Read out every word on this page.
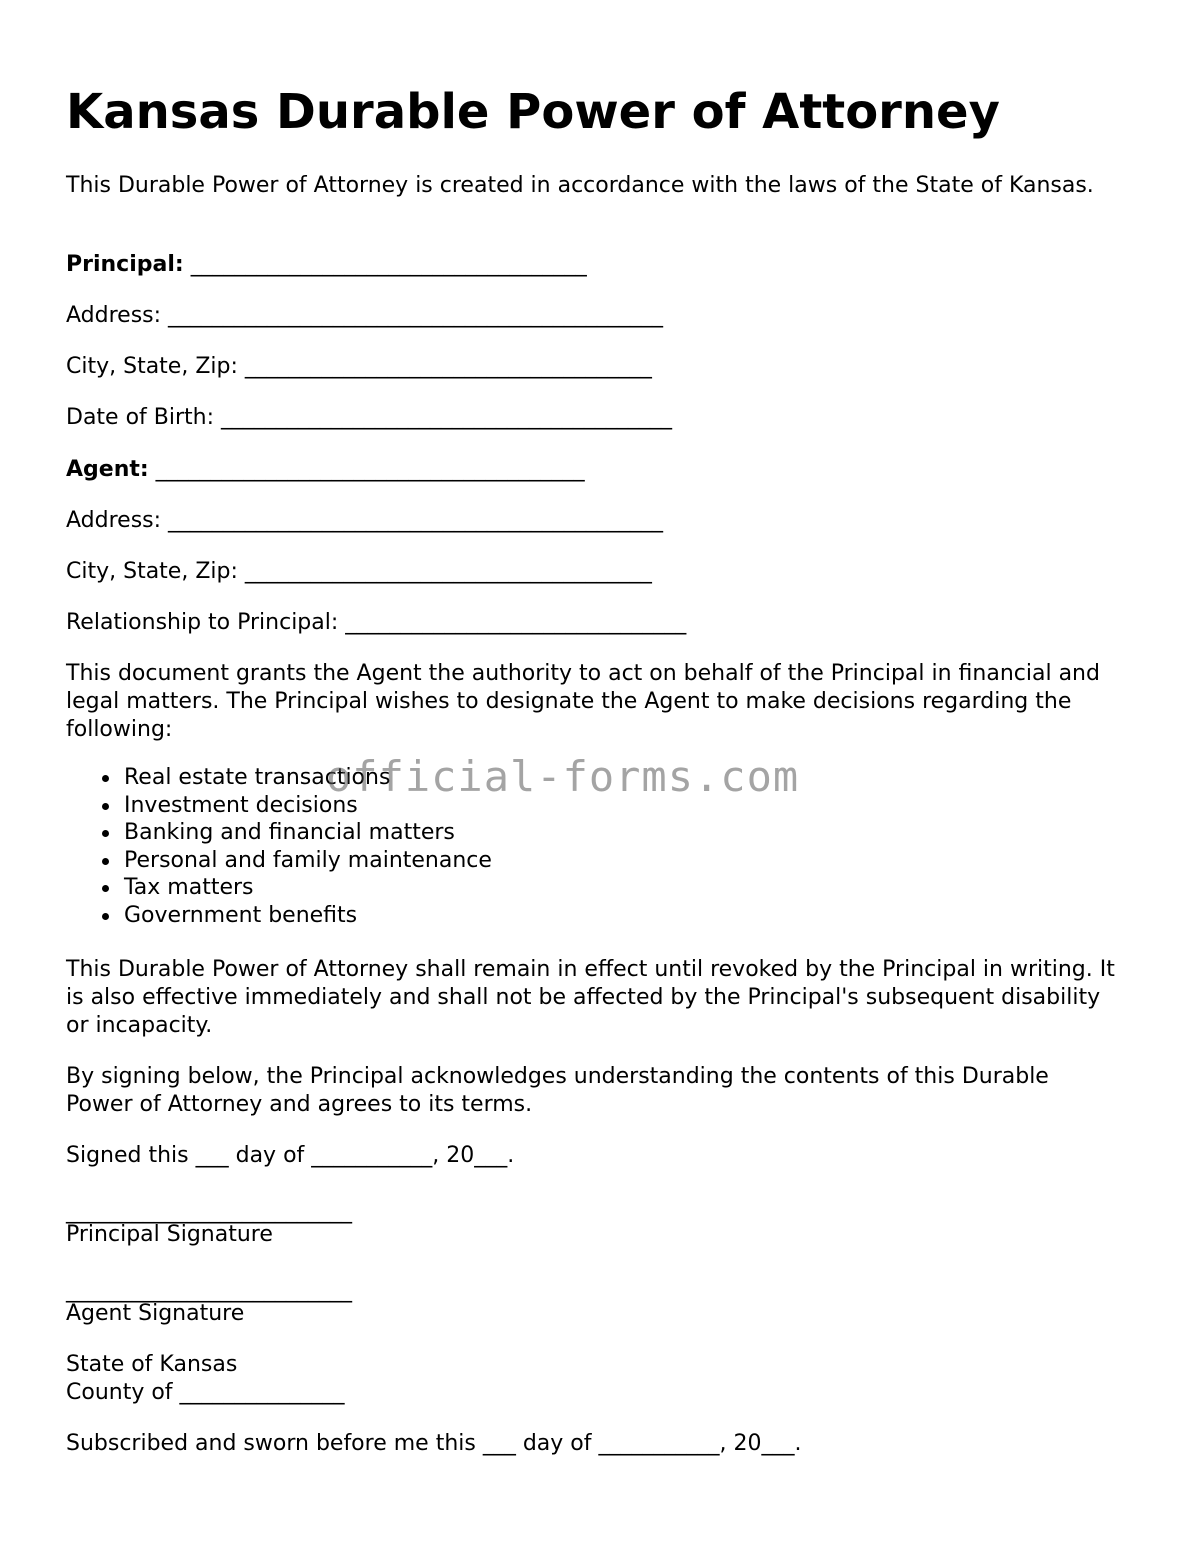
Kansas Durable Power of Attorney

This Durable Power of Attorney is created in accordance with the laws of the State of Kansas.

Principal: ____________________________________

Address: _____________________________________________

City, State, Zip: _____________________________________

Date of Birth: _________________________________________

Agent: _______________________________________

Address: _____________________________________________

City, State, Zip: _____________________________________

Relationship to Principal: _______________________________

This document grants the Agent the authority to act on behalf of the Principal in financial and legal matters. The Principal wishes to designate the Agent to make decisions regarding the following:

Real estate transactions
Investment decisions
Banking and financial matters
Personal and family maintenance
Tax matters
Government benefits

This Durable Power of Attorney shall remain in effect until revoked by the Principal in writing. It is also effective immediately and shall not be affected by the Principal's subsequent disability or incapacity.

By signing below, the Principal acknowledges understanding the contents of this Durable Power of Attorney and agrees to its terms.

Signed this ___ day of ___________, 20___.

__________________________

Principal Signature

__________________________

Agent Signature

State of Kansas

County of _______________

Subscribed and sworn before me this ___ day of ___________, 20___.

official-forms.com
